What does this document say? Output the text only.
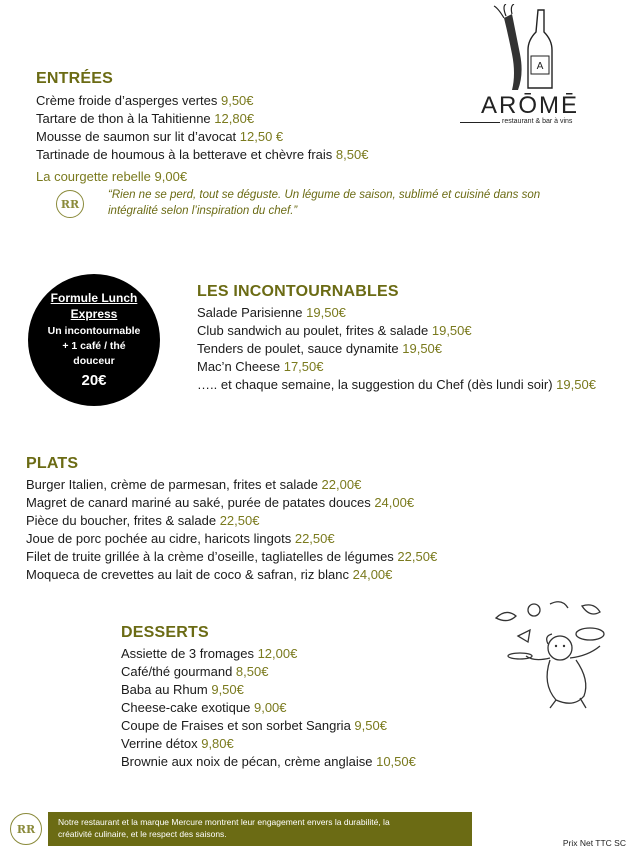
A
ARŌMĒ
restaurant & bar à vins
ENTRÉES
Crème froide d’asperges vertes 9,50€
Tartare de thon à la Tahitienne 12,80€
Mousse de saumon sur lit d’avocat 12,50 €
Tartinade de houmous à la betterave et chèvre frais 8,50€
La courgette rebelle 9,00€
RR
“Rien ne se perd, tout se déguste. Un légume de saison, sublimé et cuisiné dans son
intégralité selon l’inspiration du chef.”
Formule Lunch
Express
Un incontournable
+ 1 café / thé
douceur
20€
LES INCONTOURNABLES
Salade Parisienne 19,50€
Club sandwich au poulet, frites & salade 19,50€
Tenders de poulet, sauce dynamite 19,50€
Mac’n Cheese 17,50€
….. et chaque semaine, la suggestion du Chef (dès lundi soir) 19,50€
PLATS
Burger Italien, crème de parmesan, frites et salade 22,00€
Magret de canard mariné au saké, purée de patates douces 24,00€
Pièce du boucher, frites & salade 22,50€
Joue de porc pochée au cidre, haricots lingots 22,50€
Filet de truite grillée à la crème d’oseille, tagliatelles de légumes 22,50€
Moqueca de crevettes au lait de coco & safran, riz blanc 24,00€
DESSERTS
Assiette de 3 fromages 12,00€
Café/thé gourmand 8,50€
Baba au Rhum 9,50€
Cheese-cake exotique 9,00€
Coupe de Fraises et son sorbet Sangria 9,50€
Verrine détox 9,80€
Brownie aux noix de pécan, crème anglaise 10,50€
RR
Notre restaurant et la marque Mercure montrent leur engagement envers la durabilité, la
créativité culinaire, et le respect des saisons.
Prix Net TTC SC
